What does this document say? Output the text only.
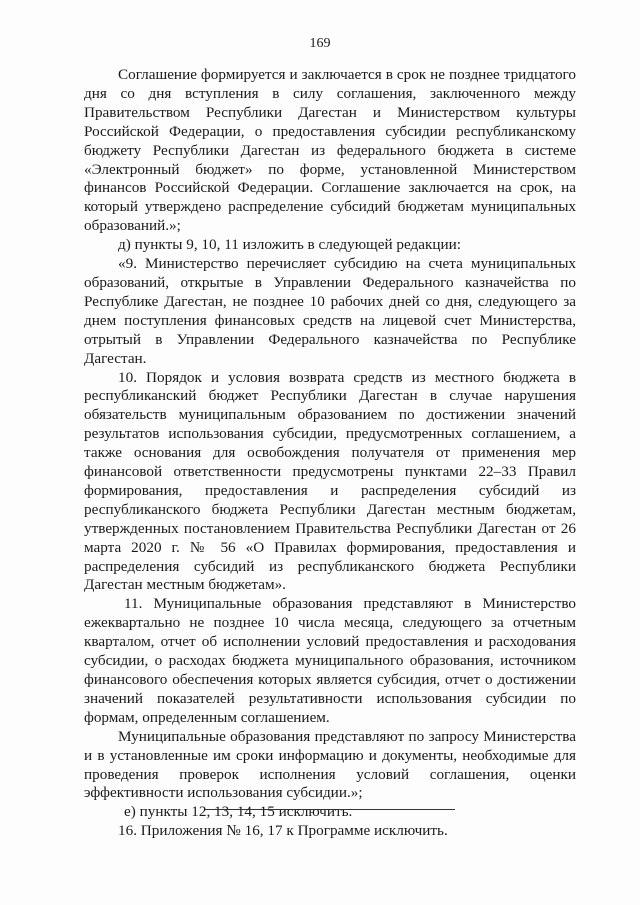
169

Соглашение формируется и заключается в срок не позднее тридцатого дня со дня вступления в силу соглашения, заключенного между Правительством Республики Дагестан и Министерством культуры Российской Федерации, о предоставления субсидии республиканскому бюджету Республики Дагестан из федерального бюджета в системе «Электронный бюджет» по форме, установленной Министерством финансов Российской Федерации. Соглашение заключается на срок, на который утверждено распределение субсидий бюджетам муниципальных образований.»;

д) пункты 9, 10, 11 изложить в следующей редакции:

«9. Министерство перечисляет субсидию на счета муниципальных образований, открытые в Управлении Федерального казначейства по Республике Дагестан, не позднее 10 рабочих дней со дня, следующего за днем поступления финансовых средств на лицевой счет Министерства, отрытый в Управлении Федерального казначейства по Республике Дагестан.

10. Порядок и условия возврата средств из местного бюджета в республиканский бюджет Республики Дагестан в случае нарушения обязательств муниципальным образованием по достижении значений результатов использования субсидии, предусмотренных соглашением, а также основания для освобождения получателя от применения мер финансовой ответственности предусмотрены пунктами 22–33 Правил формирования, предоставления и распределения субсидий из республиканского бюджета Республики Дагестан местным бюджетам, утвержденных постановлением Правительства Республики Дагестан от 26 марта 2020 г. № 56 «О Правилах формирования, предоставления и распределения субсидий из республиканского бюджета Республики Дагестан местным бюджетам».

11. Муниципальные образования представляют в Министерство ежеквартально не позднее 10 числа месяца, следующего за отчетным кварталом, отчет об исполнении условий предоставления и расходования субсидии, о расходах бюджета муниципального образования, источником финансового обеспечения которых является субсидия, отчет о достижении значений показателей результативности использования субсидии по формам, определенным соглашением.

Муниципальные образования представляют по запросу Министерства и в установленные им сроки информацию и документы, необходимые для проведения проверок исполнения условий соглашения, оценки эффективности использования субсидии.»;

е) пункты 12, 13, 14, 15 исключить.

16. Приложения № 16, 17 к Программе исключить.
